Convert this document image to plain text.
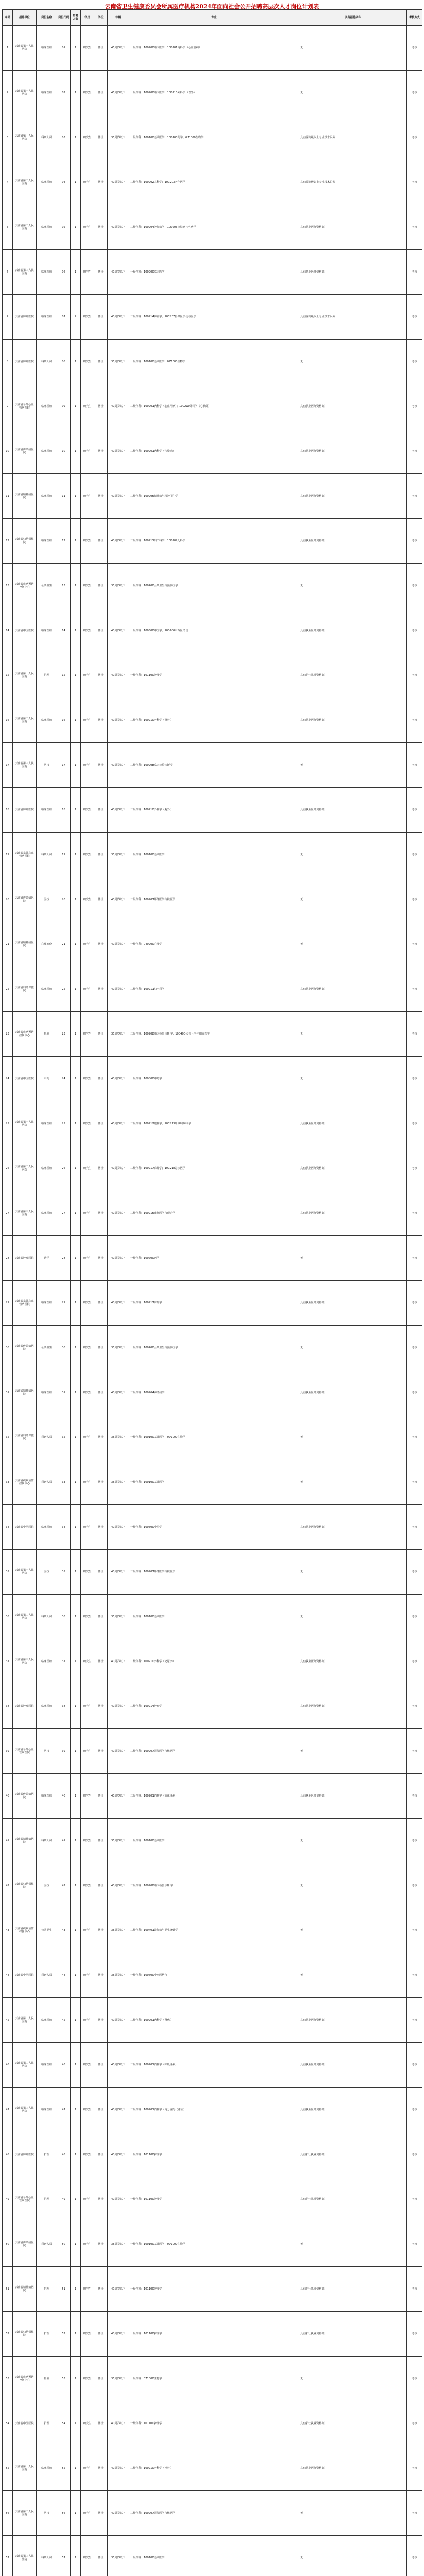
云南省卫生健康委员会所属医疗机构2024年面向社会公开招聘高层次人才岗位计划表
序号	招聘单位	岗位名称	岗位代码	招聘人数	学历	学位	年龄	专业	其他招聘条件	考核方式
1	云南省第一人民医院	临床医师	01	1	研究生	博士	45周岁以下	一级学科：100200临床医学；100201内科学（心血管病）	无	考核
2	云南省第一人民医院	临床医师	02	1	研究生	博士	45周岁以下	一级学科：100200临床医学；100210外科学（普外）	无	考核
3	云南省第一人民医院	科研人员	03	1	研究生	博士	35周岁以下	一级学科：100100基础医学；100700药学；071000生物学	具有副高级以上专业技术职务	考核
4	云南省第二人民医院	临床医师	04	1	研究生	博士	40周岁以下	二级学科：100202儿科学；100203老年医学	具有副高级以上专业技术职务	考核
5	云南省第二人民医院	临床医师	05	1	研究生	博士	40周岁以下	二级学科：100204神经病学；100206皮肤病与性病学	具有执业医师资格证	考核
6	云南省第三人民医院	临床医师	06	1	研究生	博士	40周岁以下	一级学科：100200临床医学	具有执业医师资格证	考核
7	云南省肿瘤医院	临床医师	07	2	研究生	博士	40周岁以下	二级学科：100214肿瘤学；100207影像医学与核医学	具有副高级以上专业技术职务	考核
8	云南省肿瘤医院	科研人员	08	1	研究生	博士	35周岁以下	一级学科：100100基础医学；071000生物学	无	考核
9	云南省阜外心血管病医院	临床医师	09	1	研究生	博士	40周岁以下	二级学科：100201内科学（心血管病）；100210外科学（心胸外）	具有执业医师资格证	考核
10	云南省传染病医院	临床医师	10	1	研究生	博士	40周岁以下	二级学科：100201内科学（传染病）	具有执业医师资格证	考核
11	云南省精神病医院	临床医师	11	1	研究生	博士	40周岁以下	二级学科：100205精神病与精神卫生学	具有执业医师资格证	考核
12	云南省妇幼保健院	临床医师	12	1	研究生	博士	40周岁以下	二级学科：100211妇产科学；100202儿科学	具有执业医师资格证	考核
13	云南省疾病预防控制中心	公共卫生	13	1	研究生	博士	35周岁以下	一级学科：100400公共卫生与预防医学	无	考核
14	云南省中医医院	临床医师	14	1	研究生	博士	40周岁以下	一级学科：100500中医学；100600中西医结合	具有执业医师资格证	考核
15	云南省第一人民医院	护理	15	1	研究生	博士	40周岁以下	一级学科：101100护理学	具有护士执业资格证	考核
16	云南省第二人民医院	临床医师	16	1	研究生	博士	40周岁以下	二级学科：100210外科学（骨外）	具有执业医师资格证	考核
17	云南省第三人民医院	医技	17	1	研究生	博士	40周岁以下	二级学科：100208临床检验诊断学	无	考核
18	云南省肿瘤医院	临床医师	18	1	研究生	博士	40周岁以下	二级学科：100210外科学（胸外）	具有执业医师资格证	考核
19	云南省阜外心血管病医院	科研人员	19	1	研究生	博士	35周岁以下	一级学科：100100基础医学	无	考核
20	云南省传染病医院	医技	20	1	研究生	博士	40周岁以下	二级学科：100207影像医学与核医学	无	考核
21	云南省精神病医院	心理治疗	21	1	研究生	博士	40周岁以下	一级学科：040200心理学	无	考核
22	云南省妇幼保健院	临床医师	22	1	研究生	博士	40周岁以下	二级学科：100211妇产科学	具有执业医师资格证	考核
23	云南省疾病预防控制中心	检验	23	1	研究生	博士	35周岁以下	二级学科：100208临床检验诊断学；100400公共卫生与预防医学	无	考核
24	云南省中医医院	中药	24	1	研究生	博士	40周岁以下	一级学科：100800中药学	无	考核
25	云南省第一人民医院	临床医师	25	1	研究生	博士	40周岁以下	二级学科：100212眼科学；100213耳鼻咽喉科学	具有执业医师资格证	考核
26	云南省第二人民医院	临床医师	26	1	研究生	博士	40周岁以下	二级学科：100217麻醉学；100218急诊医学	具有执业医师资格证	考核
27	云南省第三人民医院	临床医师	27	1	研究生	博士	40周岁以下	二级学科：100215康复医学与理疗学	具有执业医师资格证	考核
28	云南省肿瘤医院	药学	28	1	研究生	博士	40周岁以下	一级学科：100700药学	无	考核
29	云南省阜外心血管病医院	临床医师	29	1	研究生	博士	40周岁以下	二级学科：100217麻醉学	具有执业医师资格证	考核
30	云南省传染病医院	公共卫生	30	1	研究生	博士	35周岁以下	一级学科：100400公共卫生与预防医学	无	考核
31	云南省精神病医院	临床医师	31	1	研究生	博士	40周岁以下	二级学科：100204神经病学	具有执业医师资格证	考核
32	云南省妇幼保健院	科研人员	32	1	研究生	博士	35周岁以下	一级学科：100100基础医学；071000生物学	无	考核
33	云南省疾病预防控制中心	科研人员	33	1	研究生	博士	35周岁以下	一级学科：100100基础医学	无	考核
34	云南省中医医院	临床医师	34	1	研究生	博士	40周岁以下	一级学科：100500中医学	具有执业医师资格证	考核
35	云南省第一人民医院	医技	35	1	研究生	博士	40周岁以下	二级学科：100207影像医学与核医学	无	考核
36	云南省第二人民医院	科研人员	36	1	研究生	博士	35周岁以下	一级学科：100100基础医学	无	考核
37	云南省第三人民医院	临床医师	37	1	研究生	博士	40周岁以下	二级学科：100210外科学（泌尿外）	具有执业医师资格证	考核
38	云南省肿瘤医院	临床医师	38	1	研究生	博士	40周岁以下	二级学科：100214肿瘤学	具有执业医师资格证	考核
39	云南省阜外心血管病医院	医技	39	1	研究生	博士	40周岁以下	二级学科：100207影像医学与核医学	无	考核
40	云南省传染病医院	临床医师	40	1	研究生	博士	40周岁以下	二级学科：100201内科学（消化系病）	具有执业医师资格证	考核
41	云南省精神病医院	科研人员	41	1	研究生	博士	35周岁以下	一级学科：100100基础医学	无	考核
42	云南省妇幼保健院	医技	42	1	研究生	博士	40周岁以下	二级学科：100208临床检验诊断学	无	考核
43	云南省疾病预防控制中心	公共卫生	43	1	研究生	博士	35周岁以下	二级学科：100401流行病与卫生统计学	无	考核
44	云南省中医医院	科研人员	44	1	研究生	博士	35周岁以下	一级学科：100600中西医结合	无	考核
45	云南省第一人民医院	临床医师	45	1	研究生	博士	40周岁以下	二级学科：100201内科学（肾病）	具有执业医师资格证	考核
46	云南省第二人民医院	临床医师	46	1	研究生	博士	40周岁以下	二级学科：100201内科学（呼吸系病）	具有执业医师资格证	考核
47	云南省第三人民医院	临床医师	47	1	研究生	博士	40周岁以下	二级学科：100201内科学（内分泌与代谢病）	具有执业医师资格证	考核
48	云南省肿瘤医院	护理	48	1	研究生	博士	40周岁以下	一级学科：101100护理学	具有护士执业资格证	考核
49	云南省阜外心血管病医院	护理	49	1	研究生	博士	40周岁以下	一级学科：101100护理学	具有护士执业资格证	考核
50	云南省传染病医院	科研人员	50	1	研究生	博士	35周岁以下	一级学科：100100基础医学；071000生物学	无	考核
51	云南省精神病医院	护理	51	1	研究生	博士	40周岁以下	一级学科：101100护理学	具有护士执业资格证	考核
52	云南省妇幼保健院	护理	52	1	研究生	博士	40周岁以下	一级学科：101100护理学	具有护士执业资格证	考核
53	云南省疾病预防控制中心	检验	53	1	研究生	博士	35周岁以下	一级学科：071000生物学	无	考核
54	云南省中医医院	护理	54	1	研究生	博士	40周岁以下	一级学科：101100护理学	具有护士执业资格证	考核
55	云南省第一人民医院	临床医师	55	1	研究生	博士	40周岁以下	二级学科：100210外科学（神外）	具有执业医师资格证	考核
56	云南省第二人民医院	医技	56	1	研究生	博士	40周岁以下	二级学科：100207影像医学与核医学	无	考核
57	云南省第三人民医院	科研人员	57	1	研究生	博士	35周岁以下	一级学科：100100基础医学	无	考核
